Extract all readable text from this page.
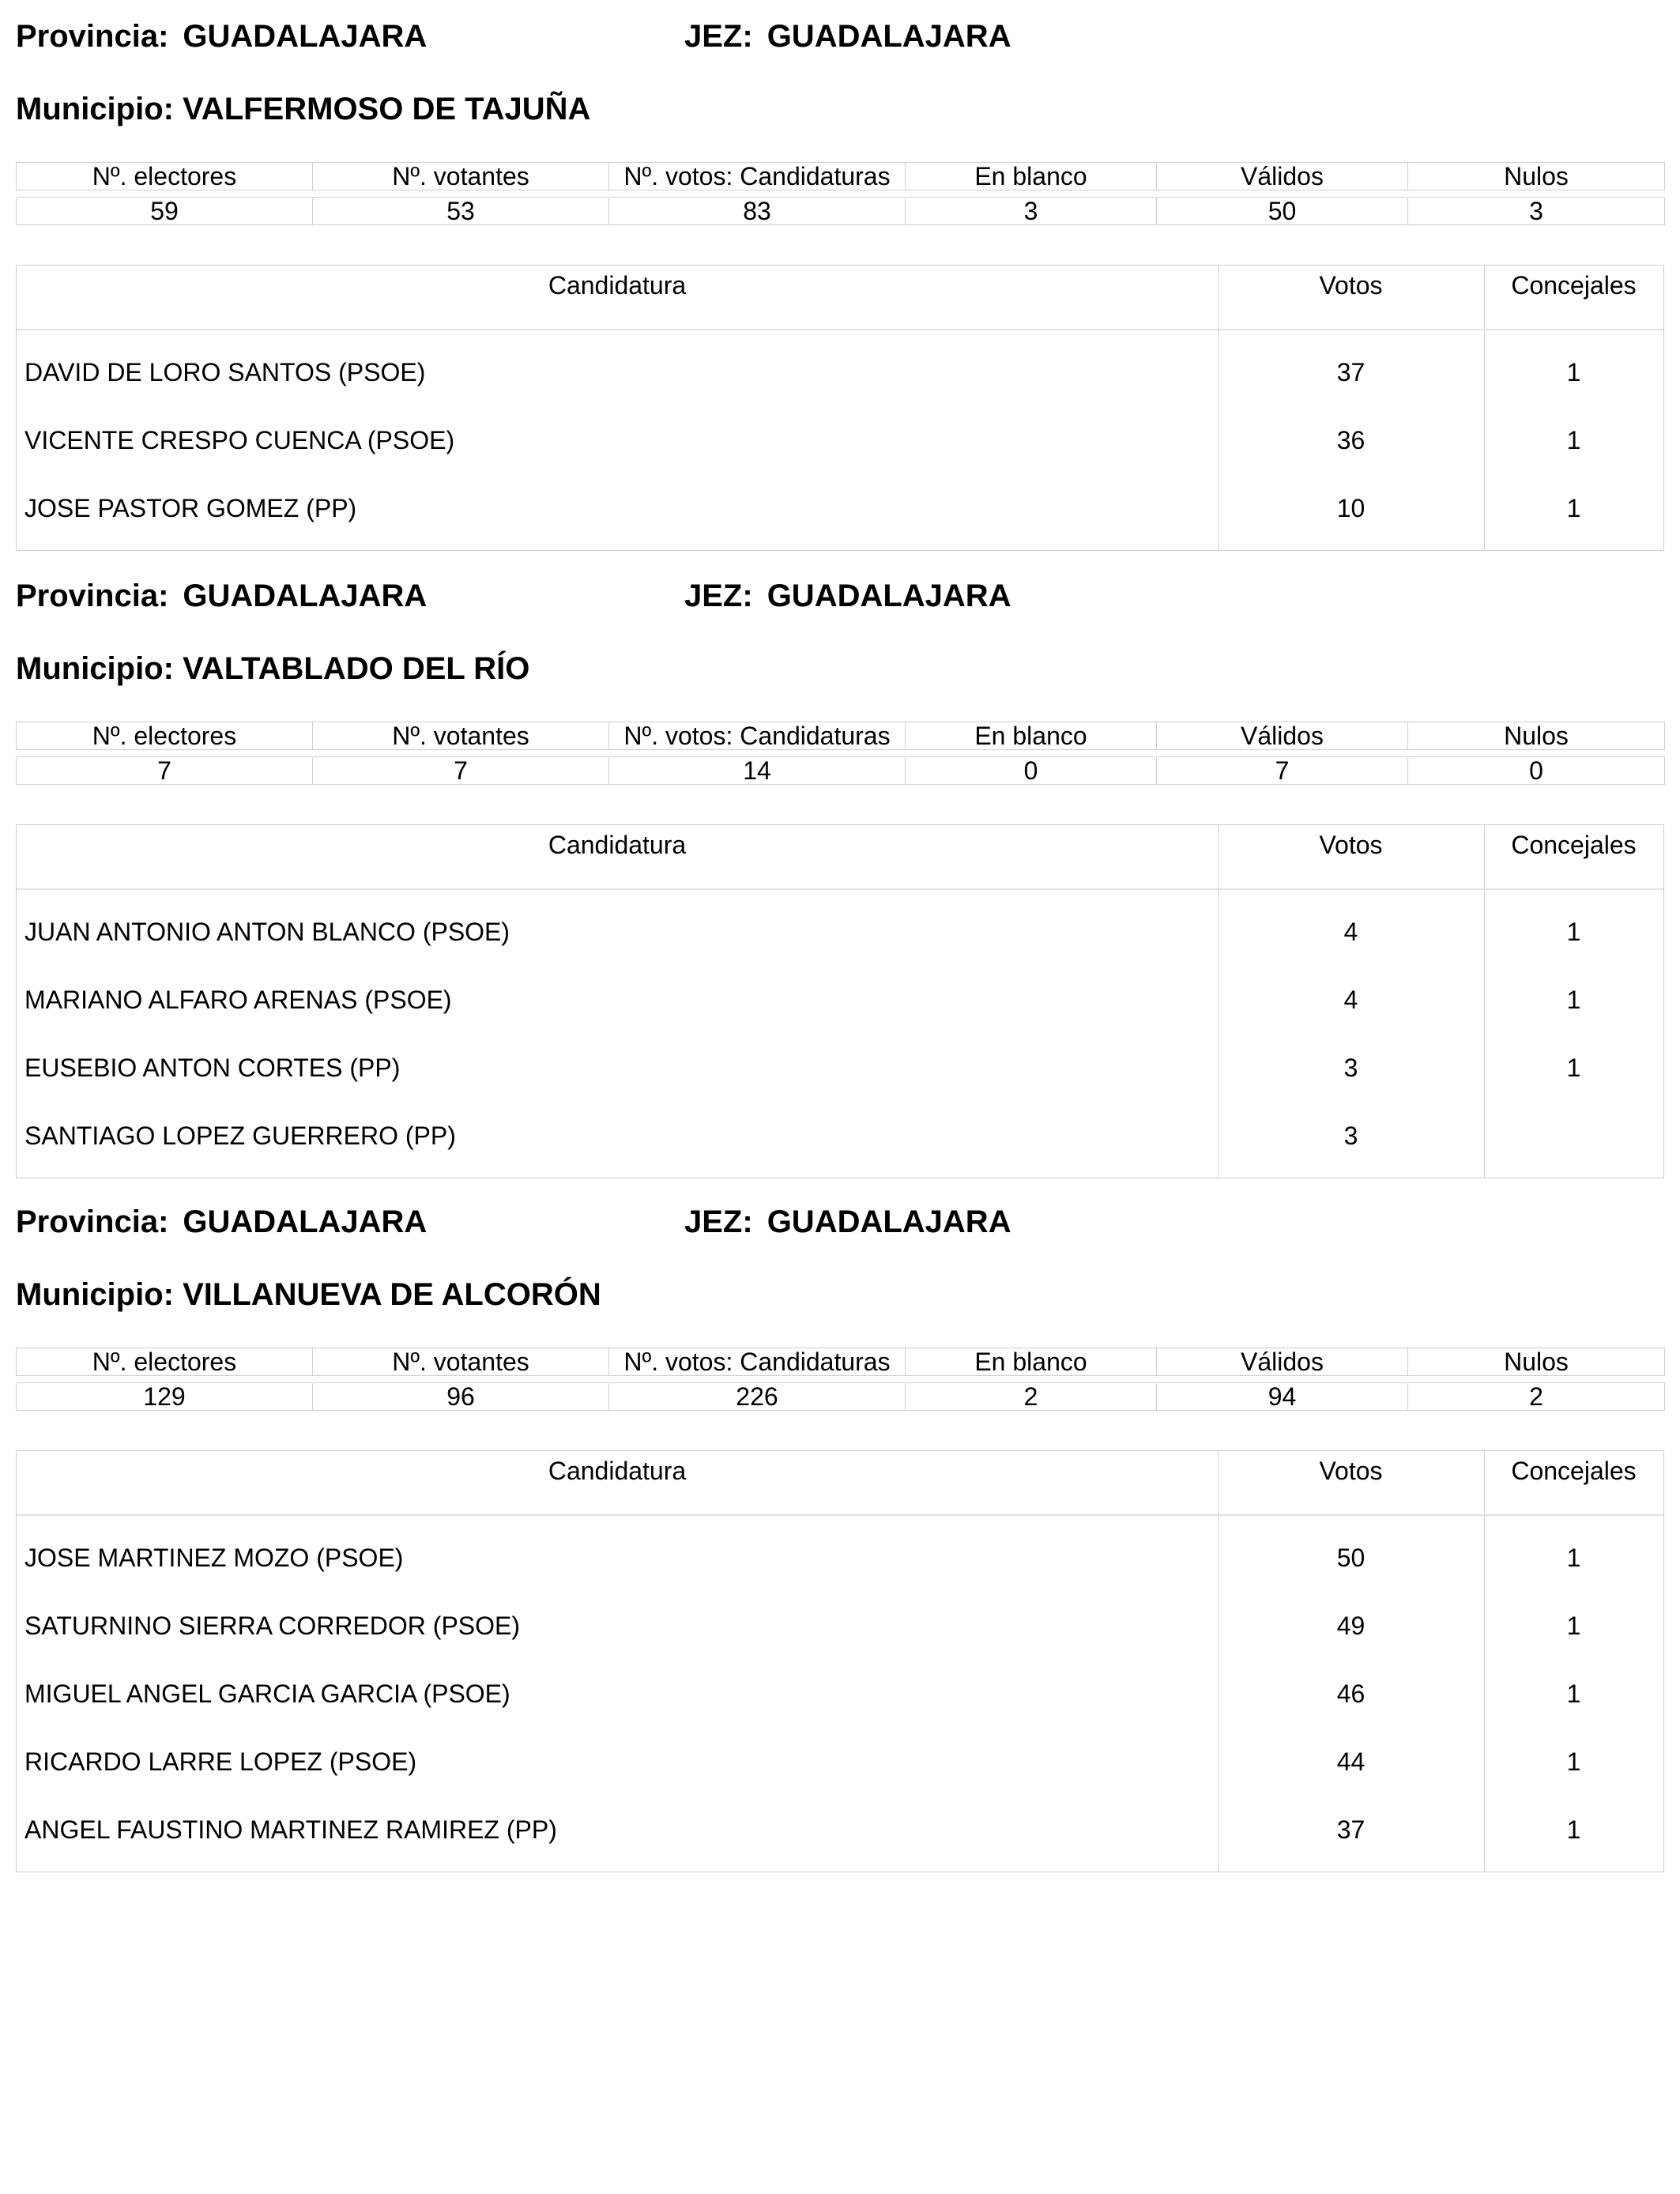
Provincia: GUADALAJARA	JEZ: GUADALAJARA
Municipio: VALFERMOSO DE TAJUÑA
Nº. electores	Nº. votantes	Nº. votos: Candidaturas	En blanco	Válidos	Nulos

59	53	83	3	50	3
Candidatura	Votos	Concejales
DAVID DE LORO SANTOS (PSOE)	37	1
VICENTE CRESPO CUENCA (PSOE)	36	1
JOSE PASTOR GOMEZ (PP)	10	1
Provincia: GUADALAJARA	JEZ: GUADALAJARA
Municipio: VALTABLADO DEL RÍO
Nº. electores	Nº. votantes	Nº. votos: Candidaturas	En blanco	Válidos	Nulos

7	7	14	0	7	0
Candidatura	Votos	Concejales
JUAN ANTONIO ANTON BLANCO (PSOE)	4	1
MARIANO ALFARO ARENAS (PSOE)	4	1
EUSEBIO ANTON CORTES (PP)	3	1
SANTIAGO LOPEZ GUERRERO (PP)	3
Provincia: GUADALAJARA	JEZ: GUADALAJARA
Municipio: VILLANUEVA DE ALCORÓN
Nº. electores	Nº. votantes	Nº. votos: Candidaturas	En blanco	Válidos	Nulos

129	96	226	2	94	2
Candidatura	Votos	Concejales
JOSE MARTINEZ MOZO (PSOE)	50	1
SATURNINO SIERRA CORREDOR (PSOE)	49	1
MIGUEL ANGEL GARCIA GARCIA (PSOE)	46	1
RICARDO LARRE LOPEZ (PSOE)	44	1
ANGEL FAUSTINO MARTINEZ RAMIREZ (PP)	37	1
